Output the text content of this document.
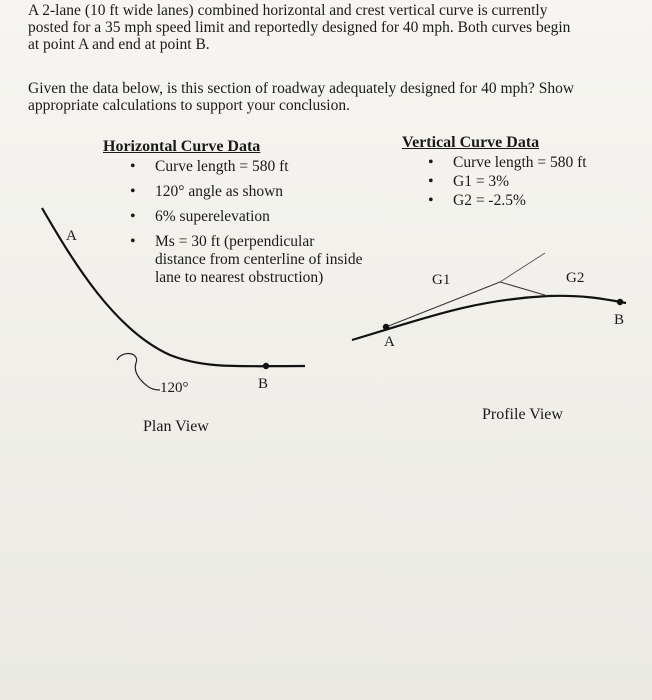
A 2-lane (10 ft wide lanes) combined horizontal and crest vertical curve is currently
posted for a 35 mph speed limit and reportedly designed for 40 mph. Both curves begin
at point A and end at point B.
Given the data below, is this section of roadway adequately designed for 40 mph? Show
appropriate calculations to support your conclusion.
Horizontal Curve Data
• Curve length = 580 ft
• 120° angle as shown
• 6% superelevation
• Ms = 30 ft (perpendicular
distance from centerline of inside
lane to nearest obstruction)
Vertical Curve Data
• Curve length = 580 ft
• G1 = 3%
• G2 = -2.5%
A
B
120°
Plan View
A
B
G1	G2
Profile View
